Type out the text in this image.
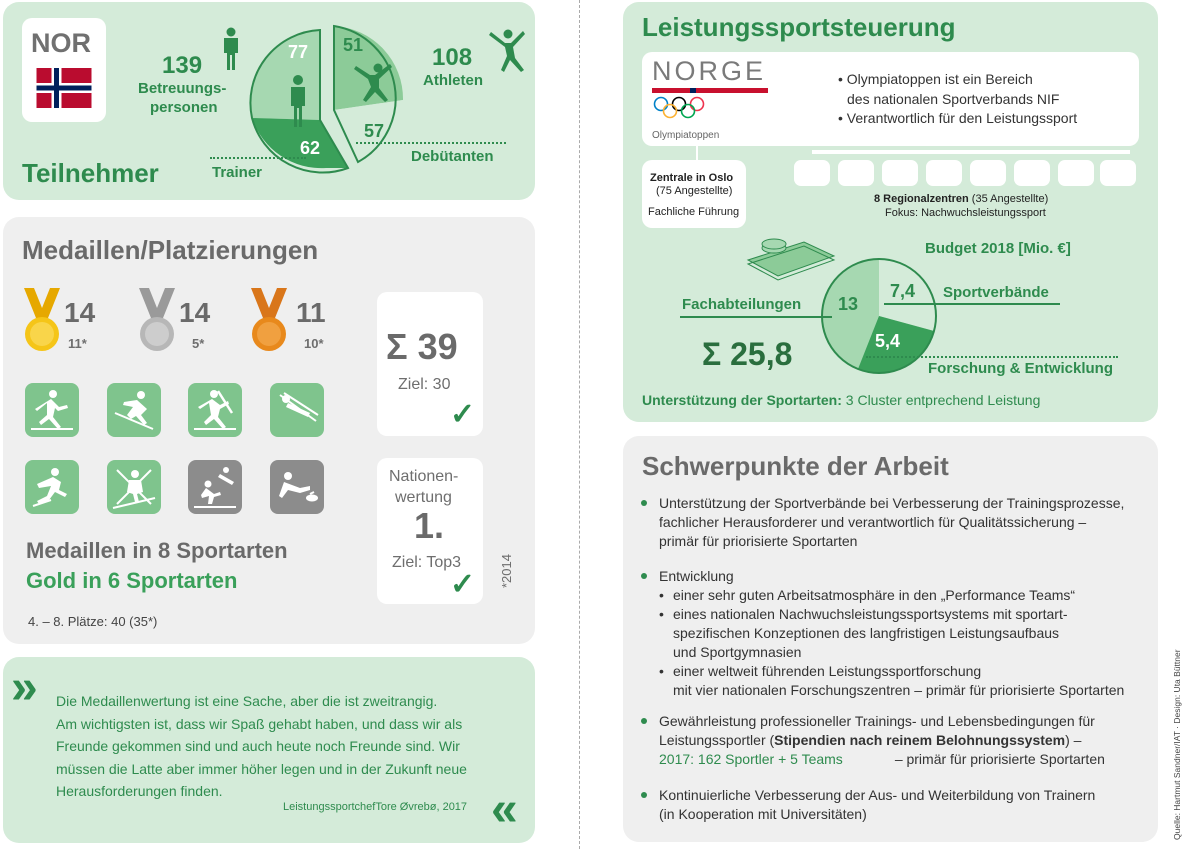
NOR
Teilnehmer
139
Betreuungs-
personen
108
Athleten
77
62
51
57
Trainer
Debütanten
Medaillen/Platzierungen
14
11*
14
5*
11
10* Σ 39
Ziel: 30
✓
Nationen-
wertung
1.
Ziel: Top3
✓ *2014
Medaillen in 8 Sportarten
Gold in 6 Sportarten
4. – 8. Plätze: 40 (35*)
» Die Medaillenwertung ist eine Sache, aber die ist zweitrangig.
Am wichtigsten ist, dass wir Spaß gehabt haben, und dass wir als
Freunde gekommen sind und auch heute noch Freunde sind. Wir
müssen die Latte aber immer höher legen und in der Zukunft neue
Herausforderungen finden.
LeistungssportchefTore Øvrebø, 2017 «
Leistungssportsteuerung
NORGE
Olympiatoppen
• Olympiatoppen ist ein Bereich
des nationalen Sportverbands NIF
• Verantwortlich für den Leistungssport
Zentrale in Oslo
(75 Angestellte)
Fachliche Führung
8 Regionalzentren (35 Angestellte)
Fokus: Nachwuchsleistungssport
Budget 2018 [Mio. €]
13
7,4
5,4
Fachabteilungen
Sportverbände
Forschung & Entwicklung
Σ 25,8
Unterstützung der Sportarten: 3 Cluster entprechend Leistung
Schwerpunkte der Arbeit
Unterstützung der Sportverbände bei Verbesserung der Trainingsprozesse,
fachlicher Herausforderer und verantwortlich für Qualitätssicherung –
primär für priorisierte Sportarten
Entwicklung
• einer sehr guten Arbeitsatmosphäre in den „Performance Teams“
• eines nationalen Nachwuchsleistungssportsystems mit sportart-
spezifischen Konzeptionen des langfristigen Leistungsaufbaus
und Sportgymnasien
• einer weltweit führenden Leistungssportforschung
mit vier nationalen Forschungszentren – primär für priorisierte Sportarten
Gewährleistung professioneller Trainings- und Lebensbedingungen für
Leistungssportler (Stipendien nach reinem Belohnungssystem) –
2017: 162 Sportler + 5 Teams	– primär für priorisierte Sportarten
Kontinuierliche Verbesserung der Aus- und Weiterbildung von Trainern
(in Kooperation mit Universitäten)	Quelle: Hartmut Sandner/IAT · Design: Uta Büttner
